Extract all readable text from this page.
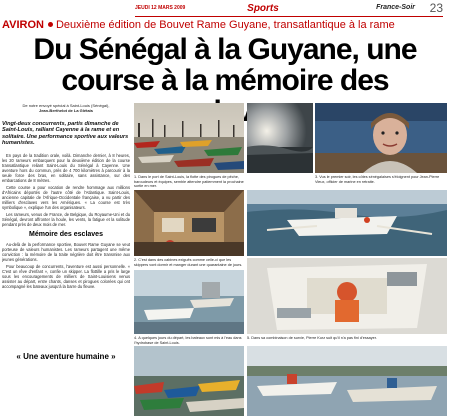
JEUDI 12 MARS 2009	Sports	France-Soir 23
AVIRON Deuxième édition de Bouvet Rame Guyane, transatlantique à la rame
Du Sénégal à la Guyane, une
course à la mémoire des
De notre envoyé spécial à Saint-Louis (Sénégal),
Jean-Berthelot de La Glétais
Vingt-deux concurrents, partis dimanche de Saint-Louis, ralliant Cayenne à la rame et en solitaire. Une performance sportive aux valeurs humanistes.

En pays de la tradition orale, voilà. Dimanche dernier, à 8 heures, les 20 rameurs embarquent pour la deuxième édition de la course transatlantique reliant Saint-Louis du Sénégal à Cayenne. Une aventure hors du commun, près de 4 700 kilomètres à parcourir à la seule force des bras, en solitaire, sans assistance, sur des embarcations de 8 mètres.

Cette course a pour vocation de rendre hommage aux millions d'Africains déportés de l'autre côté de l'Atlantique. Saint-Louis, ancienne capitale de l'Afrique-Occidentale française, a vu partir des milliers d'esclaves vers les Amériques. « La course est très symbolique », explique l'un des organisateurs.

Les rameurs, venus de France, de Belgique, du Royaume-Uni et du Sénégal, devront affronter la houle, les vents, la fatigue et la solitude pendant près de deux mois de mer.

Mémoire des esclaves

Au-delà de la performance sportive, Bouvet Rame Guyane se veut porteuse de valeurs humanistes. Les rameurs partagent une même conviction : la mémoire de la traite négrière doit être transmise aux jeunes générations.

Pour beaucoup de concurrents, l'aventure est aussi personnelle. « C'est un rêve d'enfant », confie un skipper. La flottille a pris le large sous les encouragements de milliers de Saint-Louisiens venus assister au départ, entre chants, danses et pirogues colorées qui ont accompagné les bateaux jusqu'à la barre du fleuve.

« Une aventure humaine »
1. Dans le port de Saint-Louis, la flotte des pirogues de pêche, baroudeurs et équipes, semble attendre patiemment la prochaine sortie en mer.
3. Vus le premier soir, les côtes sénégalaises s'éloignent pour Jean-Pierre Vieux, officier de marine en retraite.
2. C'est dans des cabines exiguës comme celle-ci que les skippers vont dormir et manger durant une quarantaine de jours.
4. A quelques jours du départ, les bateaux sont mis à l'eau dans l'hydrobase de Saint-Louis.
5. Dans sa combinaison de survie, Pierre Kurz suit qu'il n'a pas fini d'essayer.
